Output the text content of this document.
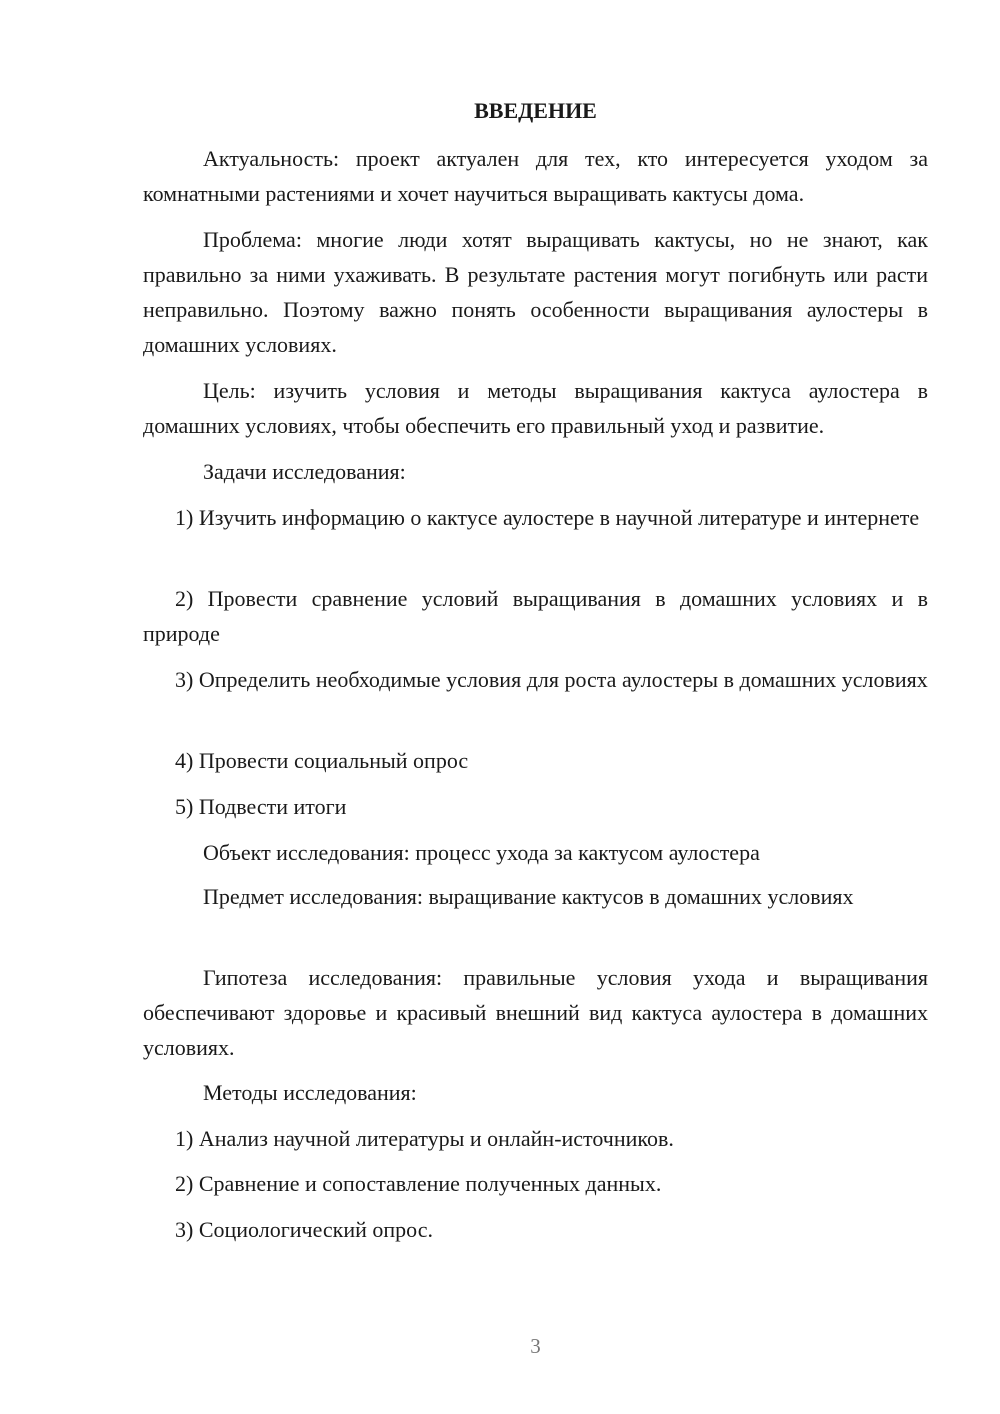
ВВЕДЕНИЕ

Актуальность: проект актуален для тех, кто интересуется уходом за комнатными растениями и хочет научиться выращивать кактусы дома.

Проблема: многие люди хотят выращивать кактусы, но не знают, как правильно за ними ухаживать. В результате растения могут погибнуть или расти неправильно. Поэтому важно понять особенности выращивания аулостеры в домашних условиях.

Цель: изучить условия и методы выращивания кактуса аулостера в домашних условиях, чтобы обеспечить его правильный уход и развитие.

Задачи исследования:

1) Изучить информацию о кактусе аулостере в научной литературе и интернете

2) Провести сравнение условий выращивания в домашних условиях и в природе

3) Определить необходимые условия для роста аулостеры в домашних условиях

4) Провести социальный опрос

5) Подвести итоги

Объект исследования: процесс ухода за кактусом аулостера

Предмет исследования: выращивание кактусов в домашних условиях

Гипотеза исследования: правильные условия ухода и выращивания обеспечивают здоровье и красивый внешний вид кактуса аулостера в домашних условиях.

Методы исследования:

1) Анализ научной литературы и онлайн-источников.

2) Сравнение и сопоставление полученных данных.

3) Социологический опрос.

3
